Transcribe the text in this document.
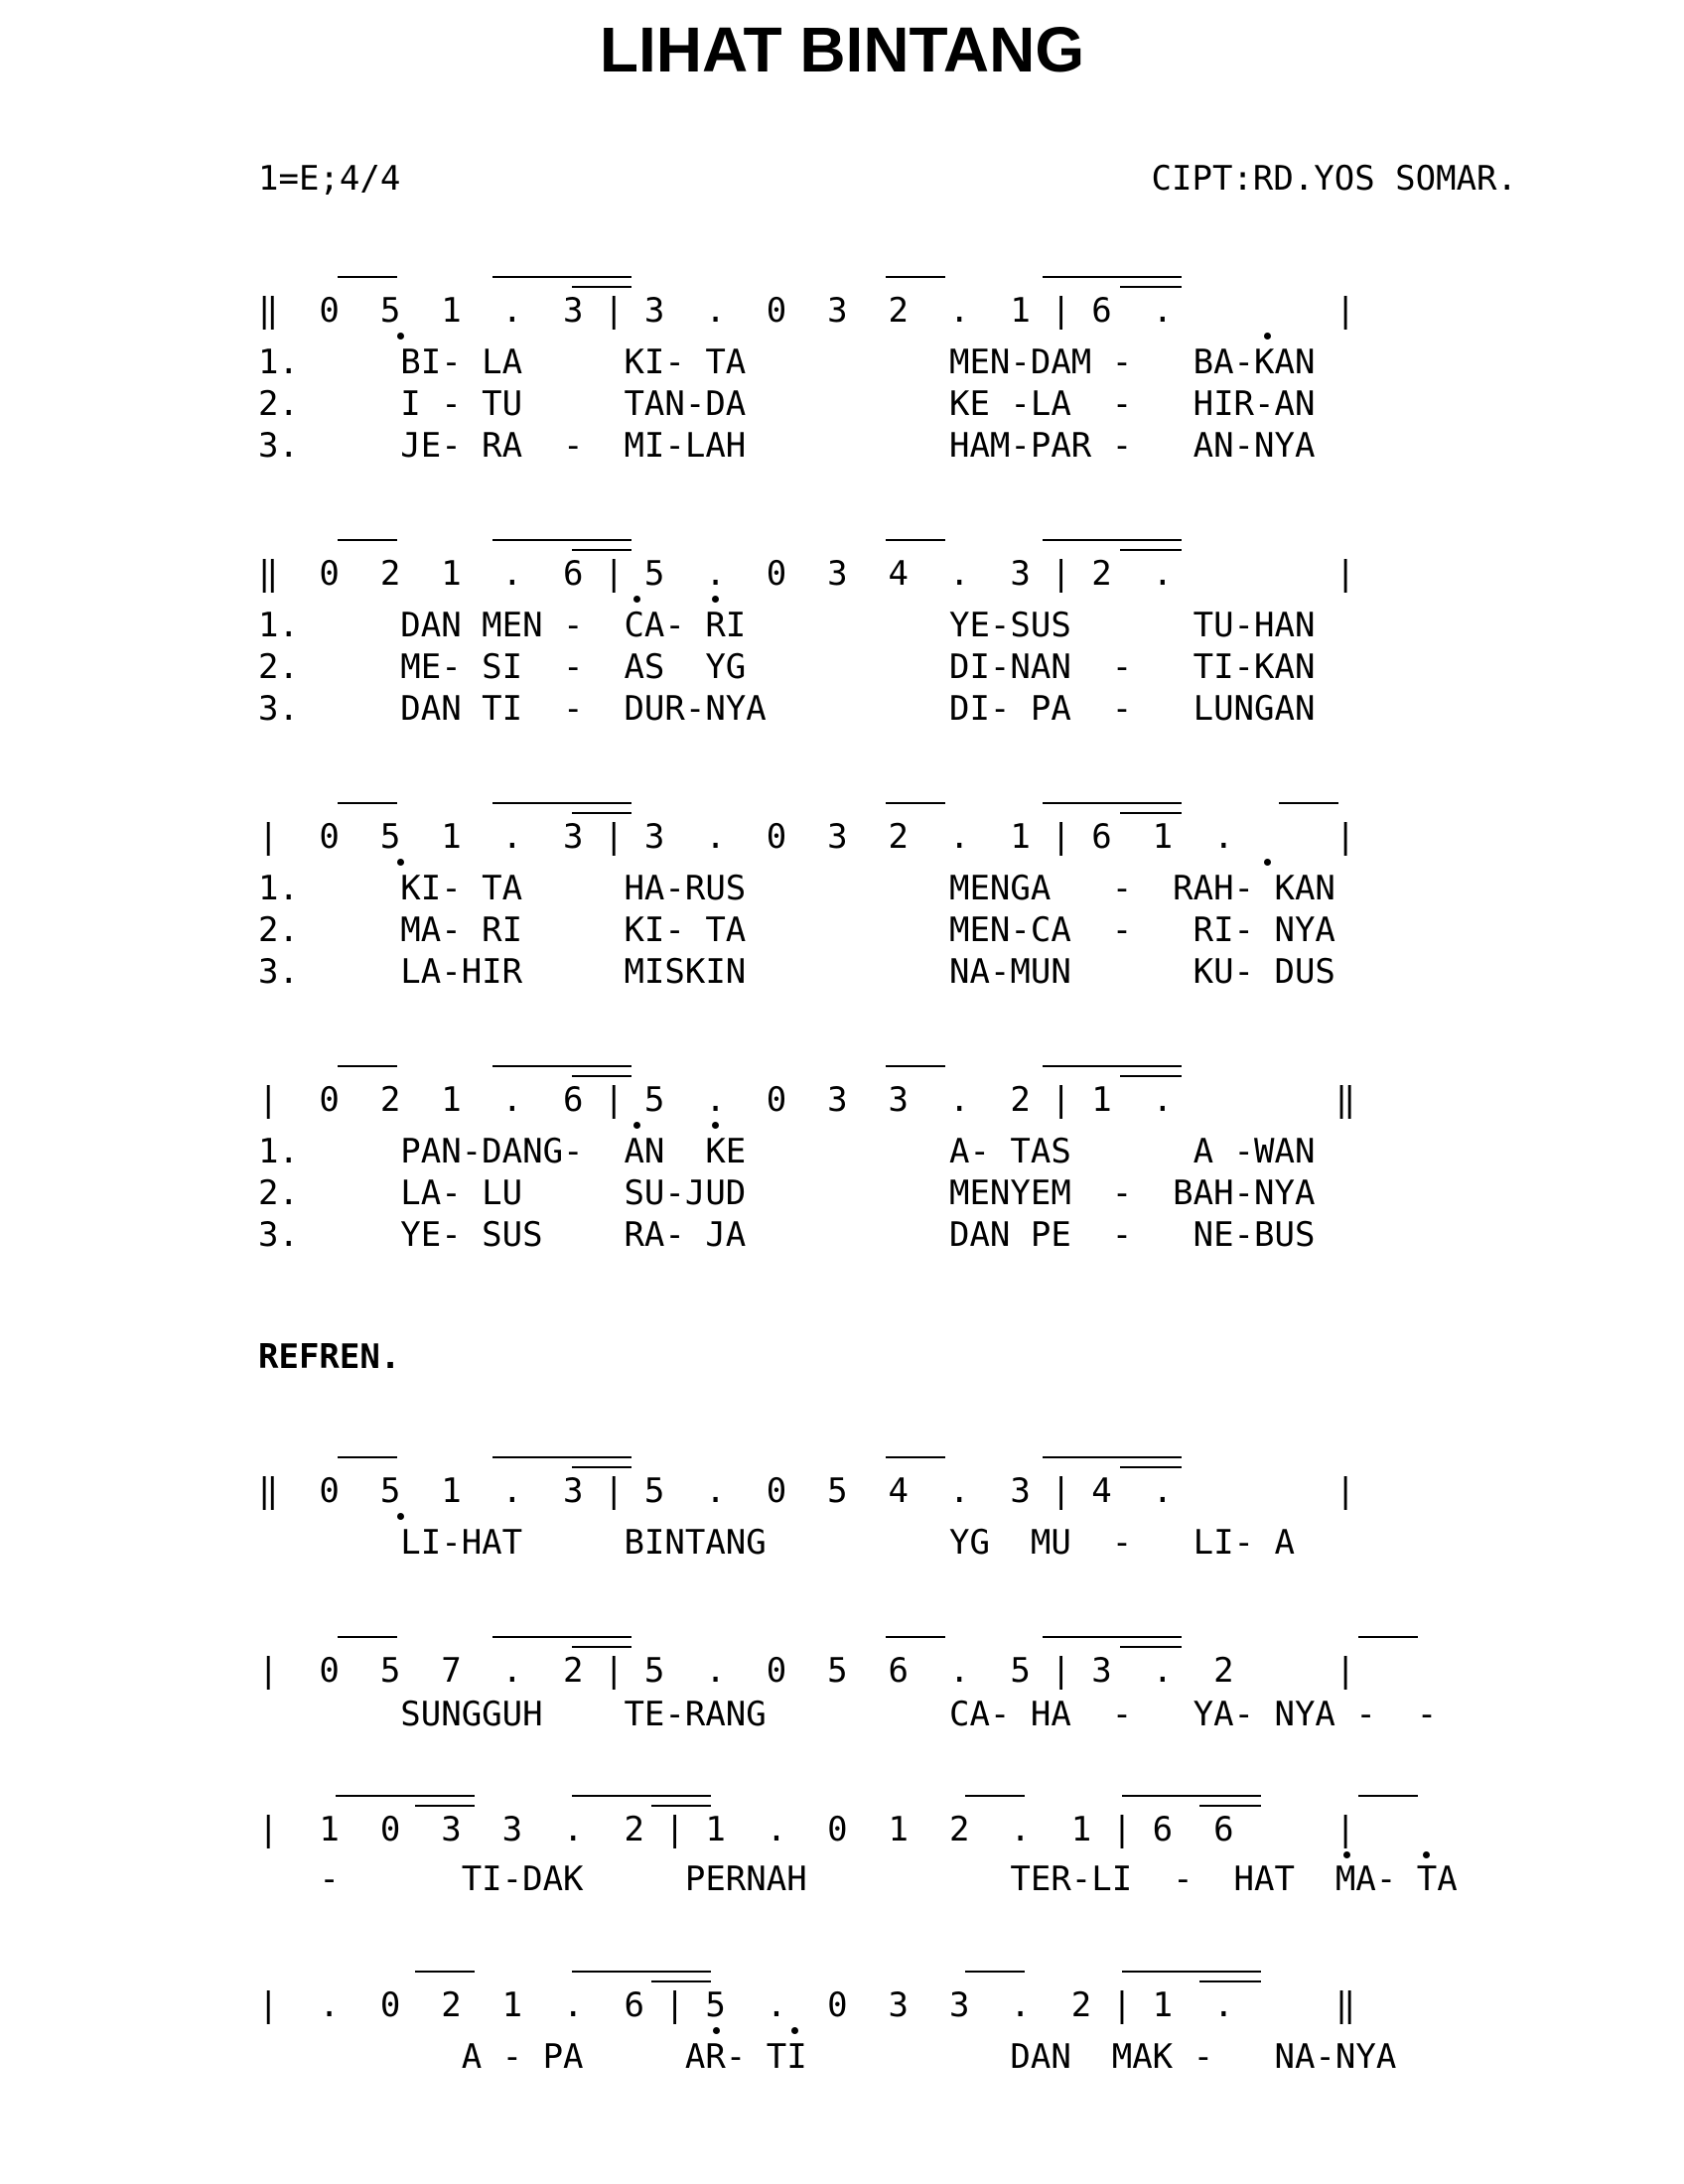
LIHAT BINTANG
1=E;4/4	CIPT:RD.YOS SOMAR.
‖  0  5  1  .  3 | 3  .  0  3  2  .  1 | 6  .        |
1.     BI- LA     KI- TA          MEN-DAM -   BA-KAN
2.     I - TU     TAN-DA          KE -LA  -   HIR-AN
3.     JE- RA  -  MI-LAH          HAM-PAR -   AN-NYA
‖  0  2  1  .  6 | 5  .  0  3  4  .  3 | 2  .        |
1.     DAN MEN -  CA- RI          YE-SUS      TU-HAN
2.     ME- SI  -  AS  YG          DI-NAN  -   TI-KAN
3.     DAN TI  -  DUR-NYA         DI- PA  -   LUNGAN
|  0  5  1  .  3 | 3  .  0  3  2  .  1 | 6  1  .     |
1.     KI- TA     HA-RUS          MENGA   -  RAH- KAN
2.     MA- RI     KI- TA          MEN-CA  -   RI- NYA
3.     LA-HIR     MISKIN          NA-MUN      KU- DUS
|  0  2  1  .  6 | 5  .  0  3  3  .  2 | 1  .        ‖
1.     PAN-DANG-  AN  KE          A- TAS      A -WAN
2.     LA- LU     SU-JUD          MENYEM  -  BAH-NYA
3.     YE- SUS    RA- JA          DAN PE  -   NE-BUS
REFREN.
‖  0  5  1  .  3 | 5  .  0  5  4  .  3 | 4  .        |
LI-HAT     BINTANG         YG  MU  -   LI- A
|  0  5  7  .  2 | 5  .  0  5  6  .  5 | 3  .  2     |
SUNGGUH    TE-RANG         CA- HA  -   YA- NYA -  -
|  1  0  3  3  .  2 | 1  .  0  1  2  .  1 | 6  6     |
-      TI-DAK     PERNAH          TER-LI  -  HAT  MA- TA
|  .  0  2  1  .  6 | 5  .  0  3  3  .  2 | 1  .     ‖
A - PA     AR- TI          DAN  MAK -   NA-NYA
